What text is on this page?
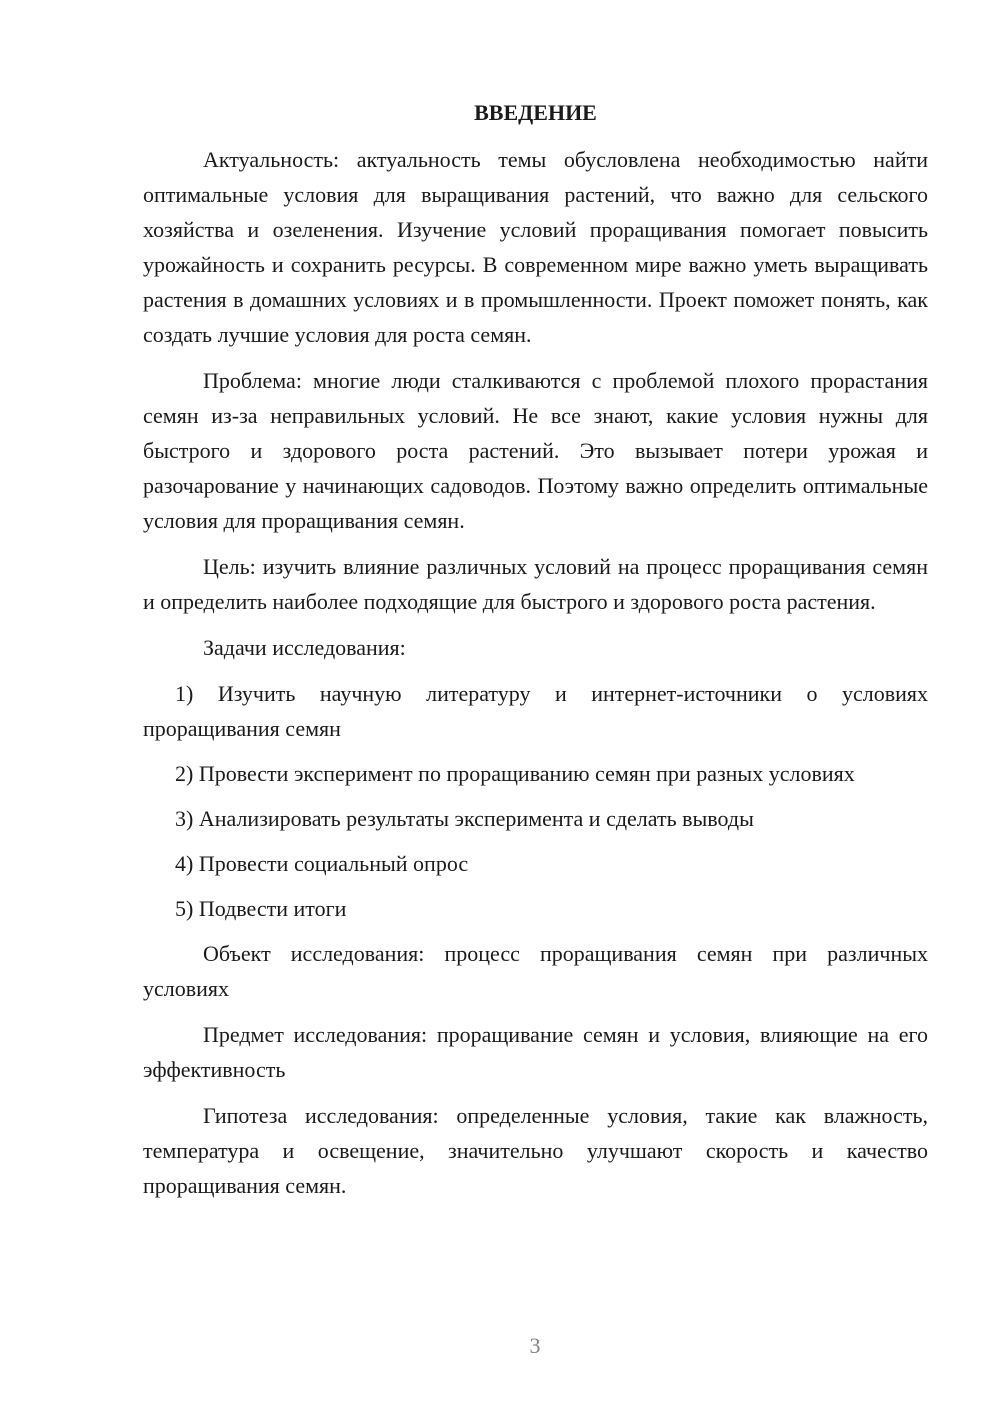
ВВЕДЕНИЕ

Актуальность: актуальность темы обусловлена необходимостью найти оптимальные условия для выращивания растений, что важно для сельского хозяйства и озеленения. Изучение условий проращивания помогает повысить урожайность и сохранить ресурсы. В современном мире важно уметь выращивать растения в домашних условиях и в промышленности. Проект поможет понять, как создать лучшие условия для роста семян.

Проблема: многие люди сталкиваются с проблемой плохого прорастания семян из-за неправильных условий. Не все знают, какие условия нужны для быстрого и здорового роста растений. Это вызывает потери урожая и разочарование у начинающих садоводов. Поэтому важно определить оптимальные условия для проращивания семян.

Цель: изучить влияние различных условий на процесс проращивания семян и определить наиболее подходящие для быстрого и здорового роста растения.

Задачи исследования:

1) Изучить научную литературу и интернет-источники о условиях проращивания семян

2) Провести эксперимент по проращиванию семян при разных условиях

3) Анализировать результаты эксперимента и сделать выводы

4) Провести социальный опрос

5) Подвести итоги

Объект исследования: процесс проращивания семян при различных условиях

Предмет исследования: проращивание семян и условия, влияющие на его эффективность

Гипотеза исследования: определенные условия, такие как влажность, температура и освещение, значительно улучшают скорость и качество проращивания семян.

3
